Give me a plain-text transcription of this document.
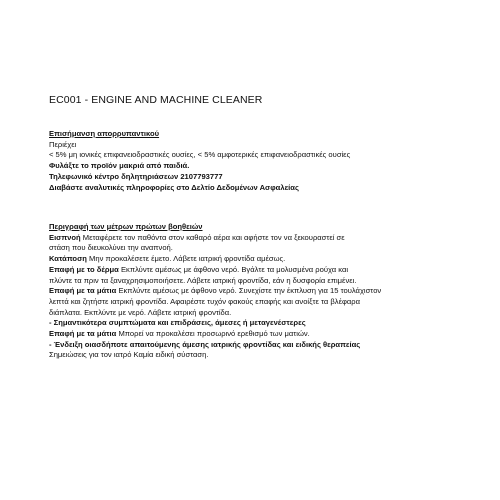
EC001 - ENGINE AND MACHINE CLEANER
Επισήμανση απορρυπαντικού
Περιέχει
< 5% μη ιονικές επιφανειοδραστικές ουσίες, < 5% αμφοτερικές επιφανειοδραστικές ουσίες
Φυλάξτε το προϊόν μακριά από παιδιά.
Τηλεφωνικό κέντρο δηλητηριάσεων 2107793777
Διαβάστε αναλυτικές πληροφορίες στο Δελτίο Δεδομένων Ασφαλείας
Περιγραφή των μέτρων πρώτων βοηθειών
Εισπνοή Μεταφέρετε τον παθόντα στον καθαρό αέρα και αφήστε τον να ξεκουραστεί σε
στάση που διευκολύνει την αναπνοή.
Κατάποση Μην προκαλέσετε έμετο. Λάβετε ιατρική φροντίδα αμέσως.
Επαφή με το δέρμα Εκπλύντε αμέσως με άφθονο νερό. Βγάλτε τα μολυσμένα ρούχα και
πλύντε τα πριν τα ξαναχρησιμοποιήσετε. Λάβετε ιατρική φροντίδα, εάν η δυσφορία επιμένει.
Επαφή με τα μάτια Εκπλύντε αμέσως με άφθονο νερό. Συνεχίστε την έκπλυση για 15 τουλάχιστον
λεπτά και ζητήστε ιατρική φροντίδα. Αφαιρέστε τυχόν φακούς επαφής και ανοίξτε τα βλέφαρα
διάπλατα. Εκπλύντε με νερό. Λάβετε ιατρική φροντίδα.
- Σημαντικότερα συμπτώματα και επιδράσεις, άμεσες ή μεταγενέστερες
Επαφή με τα μάτια Μπορεί να προκαλέσει προσωρινό ερεθισμό των ματιών.
- Ένδειξη οιασδήποτε απαιτούμενης άμεσης ιατρικής φροντίδας και ειδικής θεραπείας
Σημειώσεις για τον ιατρό Καμία ειδική σύσταση.
